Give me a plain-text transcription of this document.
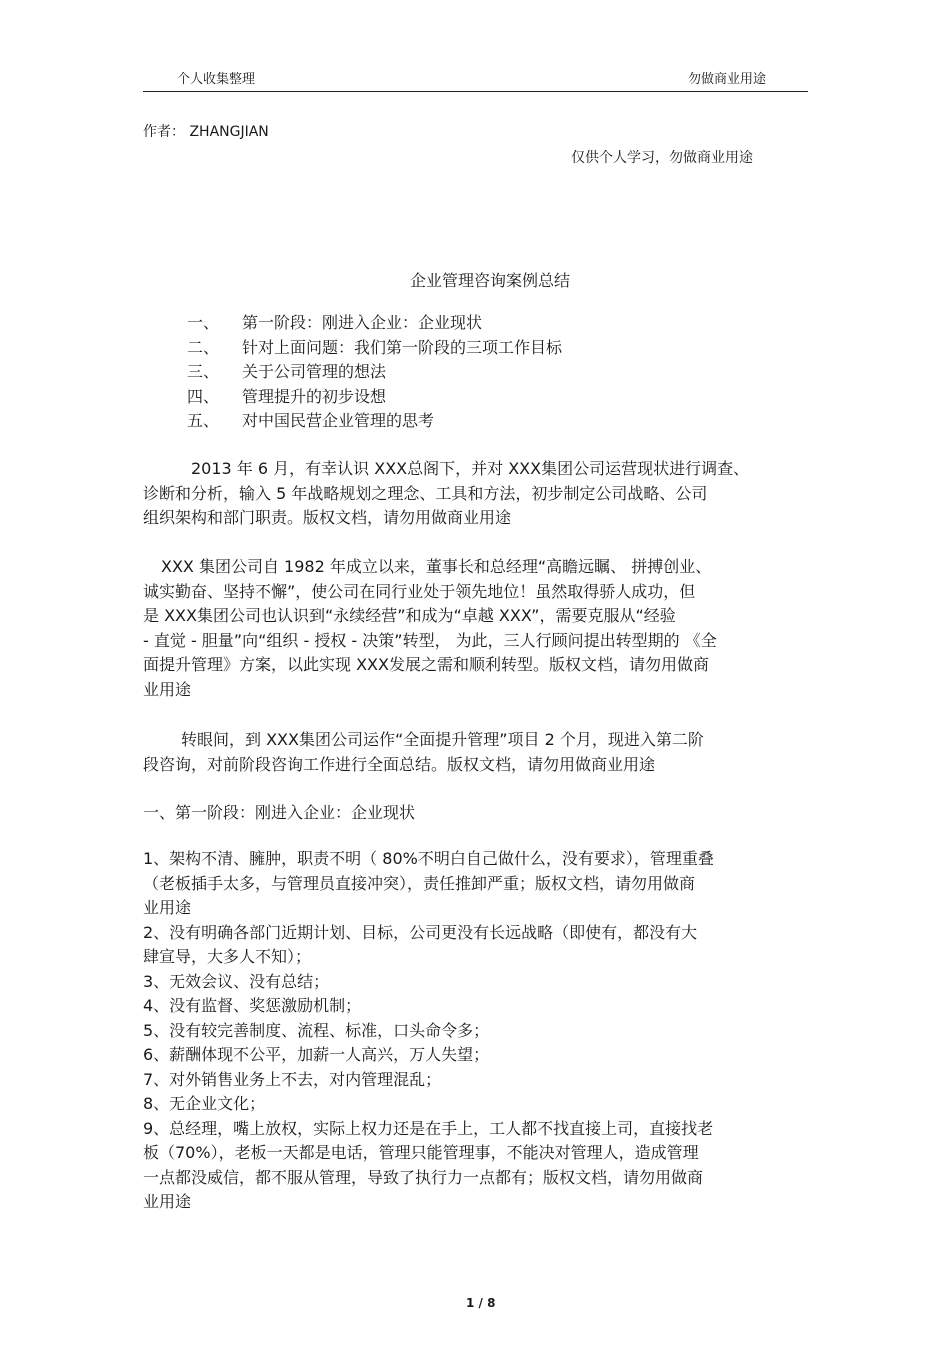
个人收集整理	勿做商业用途
作者： ZHANGJIAN
仅供个人学习，勿做商业用途
企业管理咨询案例总结
一、 第一阶段：刚进入企业：企业现状
二、 针对上面问题：我们第一阶段的三项工作目标
三、 关于公司管理的想法
四、 管理提升的初步设想
五、 对中国民营企业管理的思考
2013 年 6 月，有幸认识 XXX总阁下，并对 XXX集团公司运营现状进行调查、
诊断和分析，输入 5 年战略规划之理念、工具和方法，初步制定公司战略、公司
组织架构和部门职责。版权文档，请勿用做商业用途
XXX 集团公司自 1982 年成立以来，董事长和总经理“高瞻远瞩、 拼搏创业、
诚实勤奋、坚持不懈”，使公司在同行业处于领先地位！虽然取得骄人成功，但
是 XXX集团公司也认识到“永续经营”和成为“卓越 XXX”，需要克服从“经验
- 直觉 - 胆量”向“组织 - 授权 - 决策”转型， 为此，三人行顾问提出转型期的 《全
面提升管理》方案，以此实现 XXX发展之需和顺利转型。版权文档，请勿用做商
业用途
转眼间，到 XXX集团公司运作“全面提升管理”项目 2 个月，现进入第二阶
段咨询，对前阶段咨询工作进行全面总结。版权文档，请勿用做商业用途
一、第一阶段：刚进入企业：企业现状
1、架构不清、臃肿，职责不明（ 80%不明白自己做什么，没有要求），管理重叠
（老板插手太多，与管理员直接冲突），责任推卸严重；版权文档，请勿用做商
业用途
2、没有明确各部门近期计划、目标，公司更没有长远战略（即使有，都没有大
肆宣导，大多人不知）；
3、无效会议、没有总结；
4、没有监督、奖惩激励机制；
5、没有较完善制度、流程、标准，口头命令多；
6、薪酬体现不公平，加薪一人高兴，万人失望；
7、对外销售业务上不去，对内管理混乱；
8、无企业文化；
9、总经理，嘴上放权，实际上权力还是在手上，工人都不找直接上司，直接找老
板（70%），老板一天都是电话，管理只能管理事，不能决对管理人，造成管理
一点都没威信，都不服从管理，导致了执行力一点都有；版权文档，请勿用做商
业用途
1 / 8
